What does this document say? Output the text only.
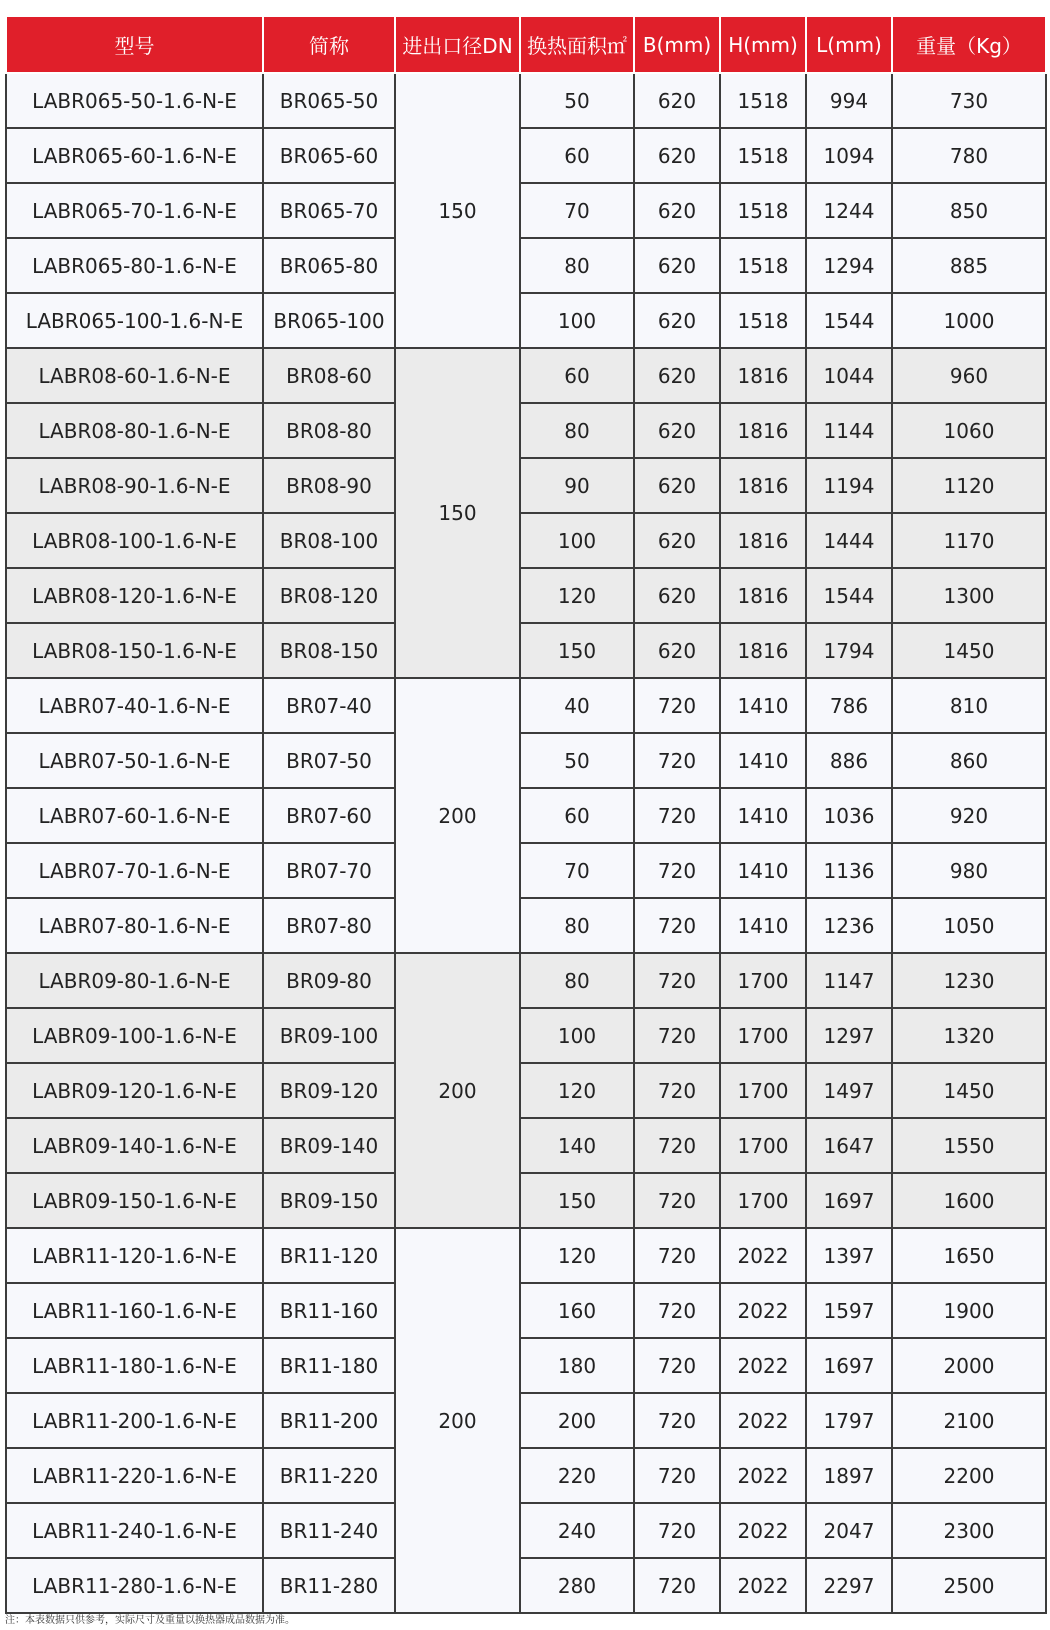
型号	简称	进出口径DN	换热面积㎡	B(mm)	H(mm)	L(mm)	重量（Kg）
LABR065-50-1.6-N-E	BR065-50	150	50	620	1518	994	730
LABR065-60-1.6-N-E	BR065-60		60	620	1518	1094	780
LABR065-70-1.6-N-E	BR065-70		70	620	1518	1244	850
LABR065-80-1.6-N-E	BR065-80		80	620	1518	1294	885
LABR065-100-1.6-N-E	BR065-100		100	620	1518	1544	1000
LABR08-60-1.6-N-E	BR08-60	150	60	620	1816	1044	960
LABR08-80-1.6-N-E	BR08-80		80	620	1816	1144	1060
LABR08-90-1.6-N-E	BR08-90		90	620	1816	1194	1120
LABR08-100-1.6-N-E	BR08-100		100	620	1816	1444	1170
LABR08-120-1.6-N-E	BR08-120		120	620	1816	1544	1300
LABR08-150-1.6-N-E	BR08-150		150	620	1816	1794	1450
LABR07-40-1.6-N-E	BR07-40	200	40	720	1410	786	810
LABR07-50-1.6-N-E	BR07-50		50	720	1410	886	860
LABR07-60-1.6-N-E	BR07-60		60	720	1410	1036	920
LABR07-70-1.6-N-E	BR07-70		70	720	1410	1136	980
LABR07-80-1.6-N-E	BR07-80		80	720	1410	1236	1050
LABR09-80-1.6-N-E	BR09-80	200	80	720	1700	1147	1230
LABR09-100-1.6-N-E	BR09-100		100	720	1700	1297	1320
LABR09-120-1.6-N-E	BR09-120		120	720	1700	1497	1450
LABR09-140-1.6-N-E	BR09-140		140	720	1700	1647	1550
LABR09-150-1.6-N-E	BR09-150		150	720	1700	1697	1600
LABR11-120-1.6-N-E	BR11-120	200	120	720	2022	1397	1650
LABR11-160-1.6-N-E	BR11-160		160	720	2022	1597	1900
LABR11-180-1.6-N-E	BR11-180		180	720	2022	1697	2000
LABR11-200-1.6-N-E	BR11-200		200	720	2022	1797	2100
LABR11-220-1.6-N-E	BR11-220		220	720	2022	1897	2200
LABR11-240-1.6-N-E	BR11-240		240	720	2022	2047	2300
LABR11-280-1.6-N-E	BR11-280		280	720	2022	2297	2500
注：本表数据只供参考，实际尺寸及重量以换热器成品数据为准。
